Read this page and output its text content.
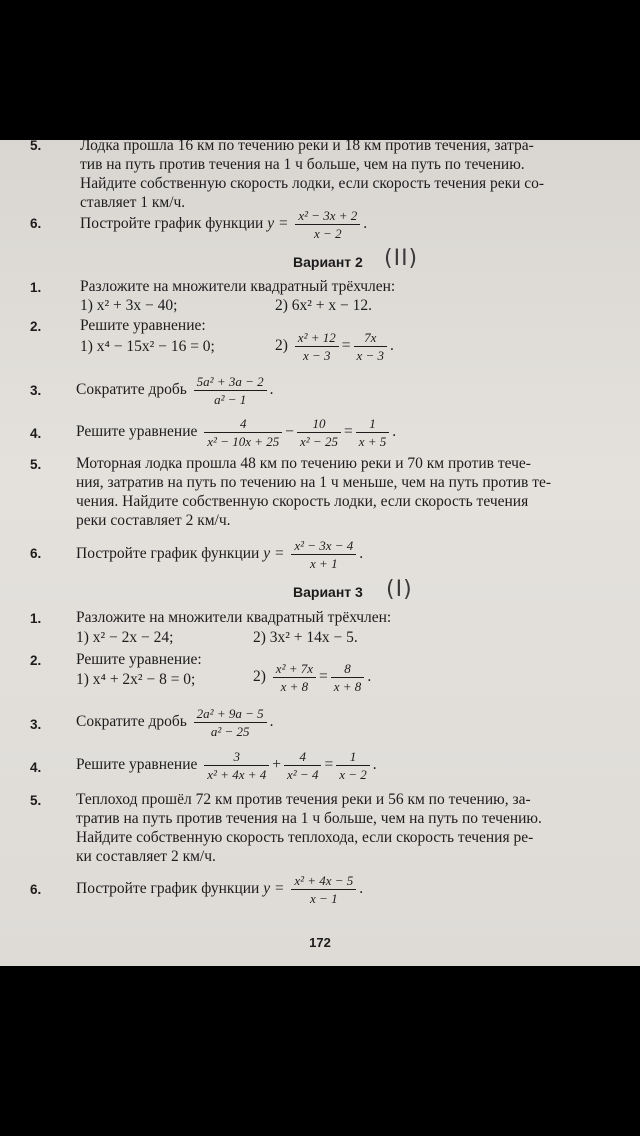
5. Лодка прошла 16 км по течению реки и 18 км против течения, затра-
тив на путь против течения на 1 ч больше, чем на путь по течению.
Найдите собственную скорость лодки, если скорость течения реки со-
ставляет 1 км/ч.
6. Постройте график функции $y = \frac{\text{x² − 3x + 2}}{x - 2}$ .
Вариант 2 (II)
1. Разложите на множители квадратный трёхчлен:
1) x² + 3x − 40;	2) 6x² + x − 12.
2. Решите уравнение:
1) x⁴ − 15x² − 16 = 0;	$2) \frac{\text{x² + 12}}{x - 3} = \frac{7x}{x - 3}$ .
3. Сократите дробь $\frac{\text{5a² + 3a − 2}}{\text{a² − 1}}$ .
4. Решите уравнение $\frac{4}{\text{x² − 10x + 25}} - \frac{10}{\text{x² − 25}} = \frac{1}{x + 5}$ .
5. Моторная лодка прошла 48 км по течению реки и 70 км против тече-
ния, затратив на путь по течению на 1 ч меньше, чем на путь против те-
чения. Найдите собственную скорость лодки, если скорость течения
реки составляет 2 км/ч.
6. Постройте график функции $y = \frac{\text{x² − 3x − 4}}{x + 1}$ .
Вариант 3 (I)
1. Разложите на множители квадратный трёхчлен:
1) x² − 2x − 24;	2) 3x² + 14x − 5.
2. Решите уравнение:
1) x⁴ + 2x² − 8 = 0;	$2) \frac{\text{x² + 7x}}{x + 8} = \frac{8}{x + 8}$ .
3. Сократите дробь $\frac{\text{2a² + 9a − 5}}{\text{a² − 25}}$ .
4. Решите уравнение $\frac{3}{\text{x² + 4x + 4}} + \frac{4}{\text{x² − 4}} = \frac{1}{x - 2}$ .
5. Теплоход прошёл 72 км против течения реки и 56 км по течению, за-
тратив на путь против течения на 1 ч больше, чем на путь по течению.
Найдите собственную скорость теплохода, если скорость течения ре-
ки составляет 2 км/ч.
6. Постройте график функции $y = \frac{\text{x² + 4x − 5}}{x - 1}$ .
172
